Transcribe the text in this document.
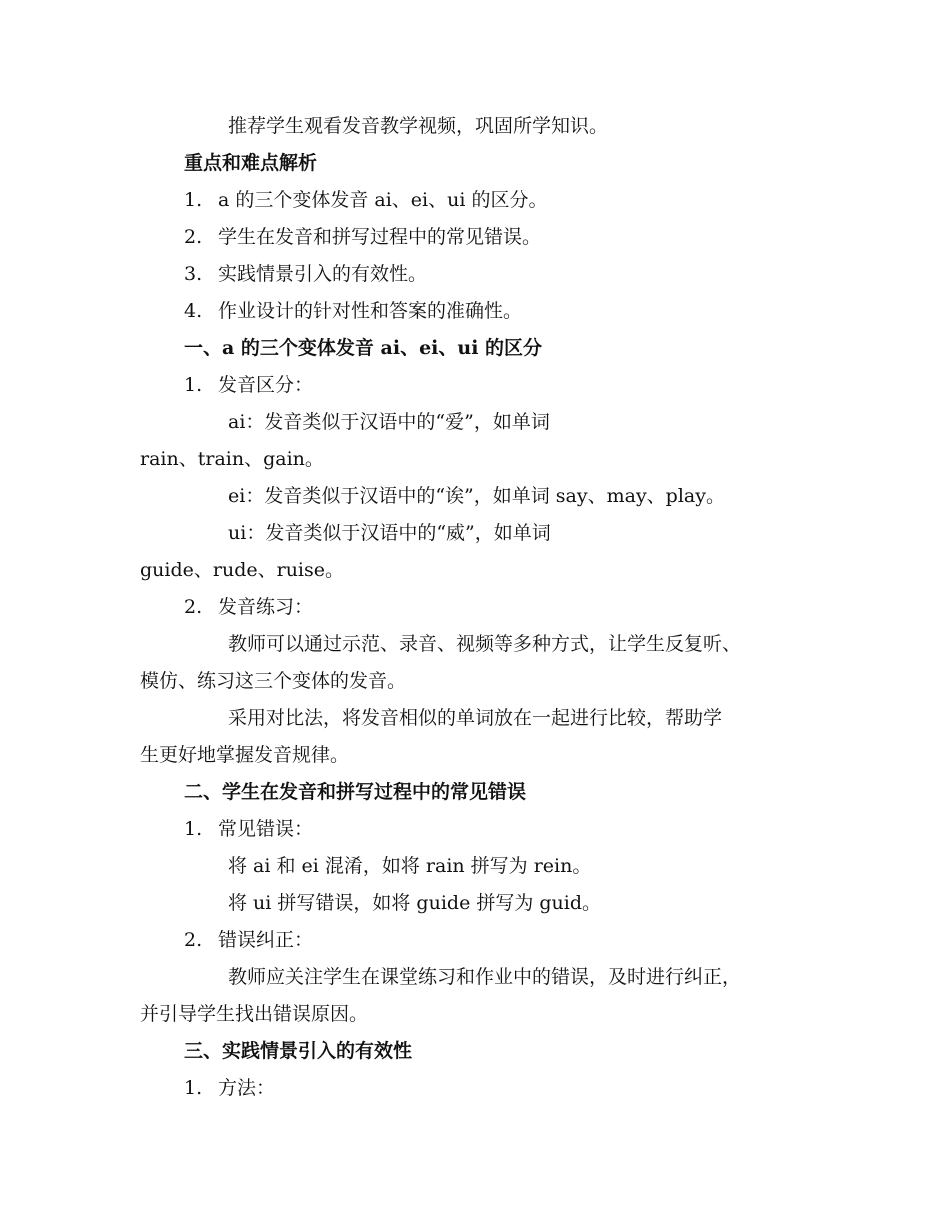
推荐学生观看发音教学视频，巩固所学知识。
重点和难点解析
1. a 的三个变体发音 ai、ei、ui 的区分。
2. 学生在发音和拼写过程中的常见错误。
3. 实践情景引入的有效性。
4. 作业设计的针对性和答案的准确性。
一、a 的三个变体发音 ai、ei、ui 的区分
1. 发音区分：
ai：发音类似于汉语中的“爱”，如单词
rain、train、gain。
ei：发音类似于汉语中的“诶”，如单词 say、may、play。
ui：发音类似于汉语中的“威”，如单词
guide、rude、ruise。
2. 发音练习：
教师可以通过示范、录音、视频等多种方式，让学生反复听、
模仿、练习这三个变体的发音。
采用对比法，将发音相似的单词放在一起进行比较，帮助学
生更好地掌握发音规律。
二、学生在发音和拼写过程中的常见错误
1. 常见错误：
将 ai 和 ei 混淆，如将 rain 拼写为 rein。
将 ui 拼写错误，如将 guide 拼写为 guid。
2. 错误纠正：
教师应关注学生在课堂练习和作业中的错误，及时进行纠正，
并引导学生找出错误原因。
三、实践情景引入的有效性
1. 方法：
